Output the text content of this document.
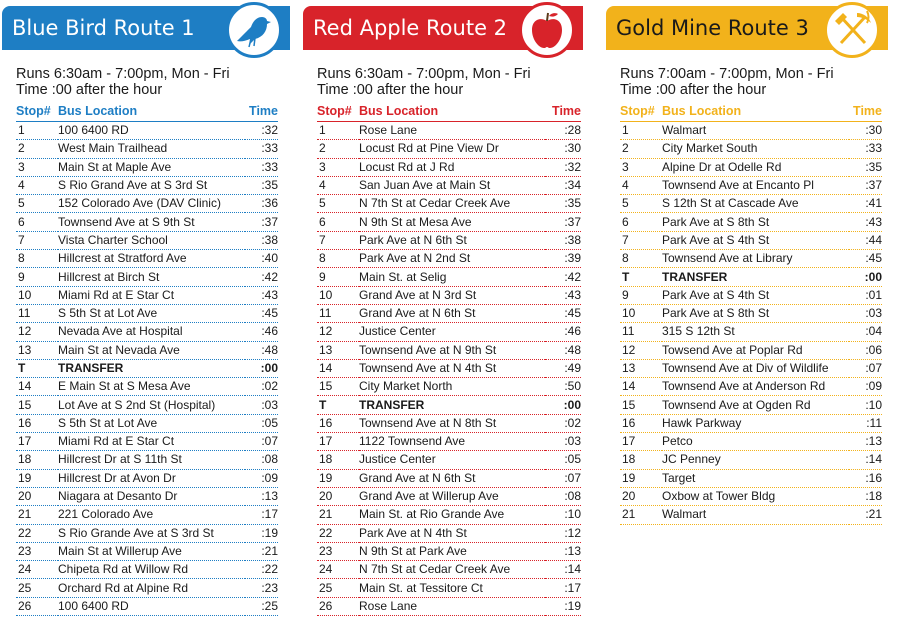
Blue Bird Route 1
Runs 6:30am - 7:00pm, Mon - Fri
Time :00 after the hour
Stop#	Bus Location	Time
1	100 6400 RD	:32
2	West Main Trailhead	:33
3	Main St at Maple Ave	:33
4	S Rio Grand Ave at S 3rd St	:35
5	152 Colorado Ave (DAV Clinic)	:36
6	Townsend Ave at S 9th St	:37
7	Vista Charter School	:38
8	Hillcrest at Stratford Ave	:40
9	Hillcrest at Birch St	:42
10	Miami Rd at E Star Ct	:43
11	S 5th St at Lot Ave	:45
12	Nevada Ave at Hospital	:46
13	Main St at Nevada Ave	:48
T	TRANSFER	:00
14	E Main St at S Mesa Ave	:02
15	Lot Ave at S 2nd St (Hospital)	:03
16	S 5th St at Lot Ave	:05
17	Miami Rd at E Star Ct	:07
18	Hillcrest Dr at S 11th St	:08
19	Hillcrest Dr at Avon Dr	:09
20	Niagara at Desanto Dr	:13
21	221 Colorado Ave	:17
22	S Rio Grande Ave at S 3rd St	:19
23	Main St at Willerup Ave	:21
24	Chipeta Rd at Willow Rd	:22
25	Orchard Rd at Alpine Rd	:23
26	100 6400 RD	:25
Red Apple Route 2
Runs 6:30am - 7:00pm, Mon - Fri
Time :00 after the hour
Stop#	Bus Location	Time
1	Rose Lane	:28
2	Locust Rd at Pine View Dr	:30
3	Locust Rd at J Rd	:32
4	San Juan Ave at Main St	:34
5	N 7th St at Cedar Creek Ave	:35
6	N 9th St at Mesa Ave	:37
7	Park Ave at N 6th St	:38
8	Park Ave at N 2nd St	:39
9	Main St. at Selig	:42
10	Grand Ave at N 3rd St	:43
11	Grand Ave at N 6th St	:45
12	Justice Center	:46
13	Townsend Ave at N 9th St	:48
14	Townsend Ave at N 4th St	:49
15	City Market North	:50
T	TRANSFER	:00
16	Townsend Ave at N 8th St	:02
17	1122 Townsend Ave	:03
18	Justice Center	:05
19	Grand Ave at N 6th St	:07
20	Grand Ave at Willerup Ave	:08
21	Main St. at Rio Grande Ave	:10
22	Park Ave at N 4th St	:12
23	N 9th St at Park Ave	:13
24	N 7th St at Cedar Creek Ave	:14
25	Main St. at Tessitore Ct	:17
26	Rose Lane	:19
Gold Mine Route 3
Runs 7:00am - 7:00pm, Mon - Fri
Time :00 after the hour
Stop#	Bus Location	Time
1	Walmart	:30
2	City Market South	:33
3	Alpine Dr at Odelle Rd	:35
4	Townsend Ave at Encanto Pl	:37
5	S 12th St at Cascade Ave	:41
6	Park Ave at S 8th St	:43
7	Park Ave at S 4th St	:44
8	Townsend Ave at Library	:45
T	TRANSFER	:00
9	Park Ave at S 4th St	:01
10	Park Ave at S 8th St	:03
11	315 S 12th St	:04
12	Towsend Ave at Poplar Rd	:06
13	Townsend Ave at Div of Wildlife	:07
14	Townsend Ave at Anderson Rd	:09
15	Townsend Ave at Ogden Rd	:10
16	Hawk Parkway	:11
17	Petco	:13
18	JC Penney	:14
19	Target	:16
20	Oxbow at Tower Bldg	:18
21	Walmart	:21
